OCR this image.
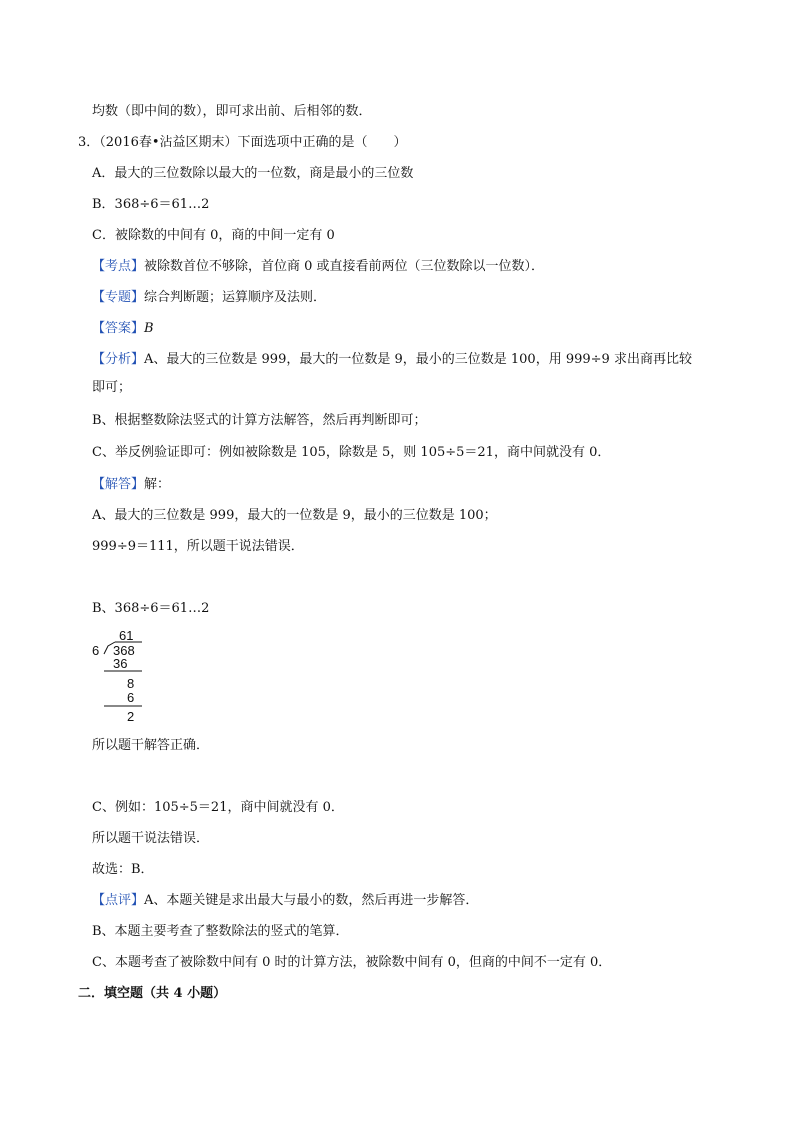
均数（即中间的数），即可求出前、后相邻的数．
3．（2016春•沾益区期末）下面选项中正确的是（　　）
A．最大的三位数除以最大的一位数，商是最小的三位数
B．368÷6＝61…2
C．被除数的中间有 0，商的中间一定有 0
【考点】被除数首位不够除，首位商 0 或直接看前两位（三位数除以一位数）．
【专题】综合判断题；运算顺序及法则．
【答案】B
【分析】A、最大的三位数是 999，最大的一位数是 9，最小的三位数是 100，用 999÷9 求出商再比较
即可；
B、根据整数除法竖式的计算方法解答，然后再判断即可；
C、举反例验证即可：例如被除数是 105，除数是 5，则 105÷5＝21，商中间就没有 0．
【解答】解：
A、最大的三位数是 999，最大的一位数是 9，最小的三位数是 100；
999÷9＝111，所以题干说法错误．
B、368÷6＝61…2
61
6 368
36
8
6
2
所以题干解答正确．
C、例如：105÷5＝21，商中间就没有 0．
所以题干说法错误．
故选：B．
【点评】A、本题关键是求出最大与最小的数，然后再进一步解答．
B、本题主要考查了整数除法的竖式的笔算．
C、本题考查了被除数中间有 0 时的计算方法，被除数中间有 0，但商的中间不一定有 0．
二．填空题（共 4 小题）
